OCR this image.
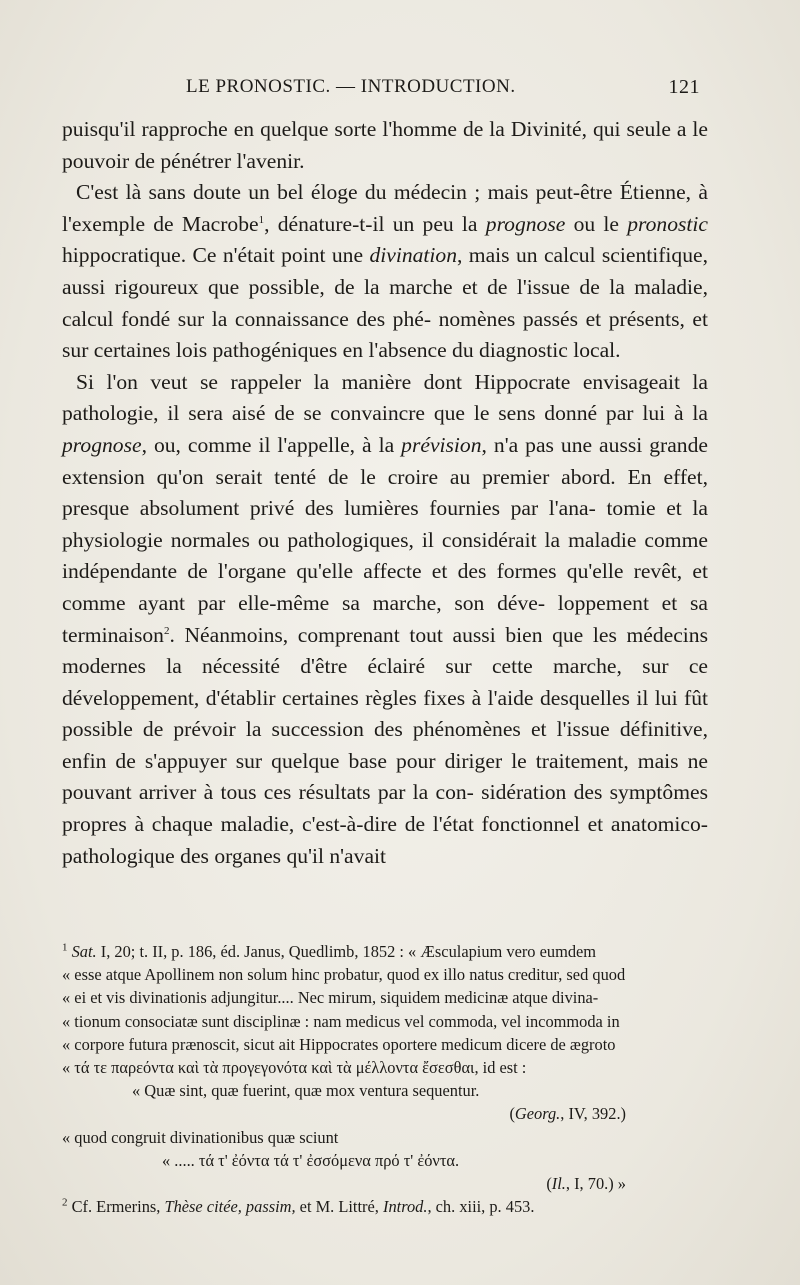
LE PRONOSTIC. — INTRODUCTION.	121

puisqu'il rapproche en quelque sorte l'homme de la Divinité, qui seule a le pouvoir de pénétrer l'avenir.

C'est là sans doute un bel éloge du médecin ; mais peut-être Étienne, à l'exemple de Macrobe$^1$, dénature-t-il un peu la prognose ou le pronostic hippocratique. Ce n'était point une divination, mais un calcul scientifique, aussi rigoureux que possible, de la marche et de l'issue de la maladie, calcul fondé sur la connaissance des phé- nomènes passés et présents, et sur certaines lois pathogéniques en l'absence du diagnostic local.

Si l'on veut se rappeler la manière dont Hippocrate envisageait la pathologie, il sera aisé de se convaincre que le sens donné par lui à la prognose, ou, comme il l'appelle, à la prévision, n'a pas une aussi grande extension qu'on serait tenté de le croire au premier abord. En effet, presque absolument privé des lumières fournies par l'ana- tomie et la physiologie normales ou pathologiques, il considérait la maladie comme indépendante de l'organe qu'elle affecte et des formes qu'elle revêt, et comme ayant par elle-même sa marche, son déve- loppement et sa terminaison$^2$. Néanmoins, comprenant tout aussi bien que les médecins modernes la nécessité d'être éclairé sur cette marche, sur ce développement, d'établir certaines règles fixes à l'aide desquelles il lui fût possible de prévoir la succession des phénomènes et l'issue définitive, enfin de s'appuyer sur quelque base pour diriger le traitement, mais ne pouvant arriver à tous ces résultats par la con- sidération des symptômes propres à chaque maladie, c'est-à-dire de l'état fonctionnel et anatomico-pathologique des organes qu'il n'avait

$^1$ Sat. I, 20; t. II, p. 186, éd. Janus, Quedlimb, 1852 : « Æsculapium vero eumdem

« esse atque Apollinem non solum hinc probatur, quod ex illo natus creditur, sed quod

« ei et vis divinationis adjungitur.... Nec mirum, siquidem medicinæ atque divina-

« tionum consociatæ sunt disciplinæ : nam medicus vel commoda, vel incommoda in

« corpore futura prænoscit, sicut ait Hippocrates oportere medicum dicere de ægroto

« τά τε παρεόντα καὶ τὰ προγεγονότα καὶ τὰ μέλλοντα ἔσεσθαι, id est :

« Quæ sint, quæ fuerint, quæ mox ventura sequentur.

(Georg., IV, 392.)

« quod congruit divinationibus quæ sciunt

« ..... τά τ' ἐόντα τά τ' ἐσσόμενα πρό τ' ἐόντα.

(Il., I, 70.) »

$^2$ Cf. Ermerins, Thèse citée, passim, et M. Littré, Introd., ch. xiii, p. 453.
